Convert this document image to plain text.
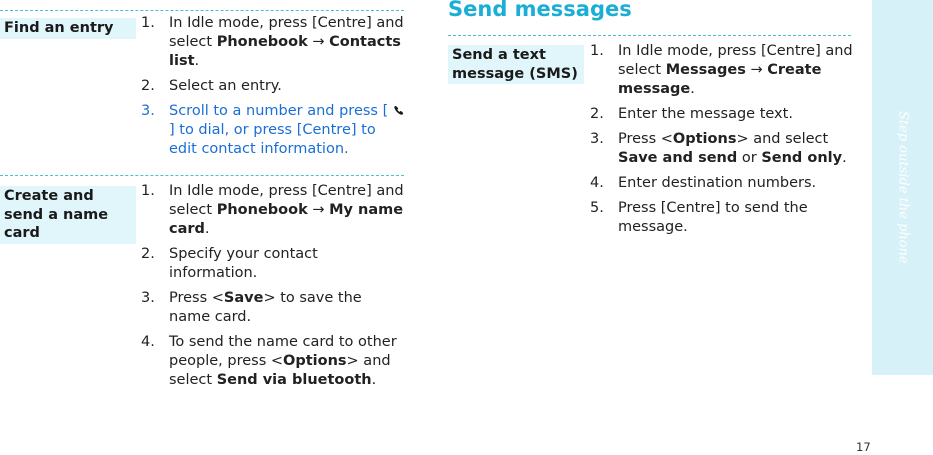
Find an entry	1. In Idle mode, press [Centre] and select Phonebook → Contacts list.
2. Select an entry.
3. Scroll to a number and press [  ] to dial, or press [Centre] to edit contact information.
Create and send a name card
1. In Idle mode, press [Centre] and select Phonebook → My name card.
2. Specify your contact information.
3. Press <Save> to save the name card.
4. To send the name card to other people, press <Options> and select Send via bluetooth.
Send messages
Send a text message (SMS)
1. In Idle mode, press [Centre] and select Messages → Create message.
2. Enter the message text.
3. Press <Options> and select Save and send or Send only.
4. Enter destination numbers.
5. Press [Centre] to send the message.	Step outside the phone
17
